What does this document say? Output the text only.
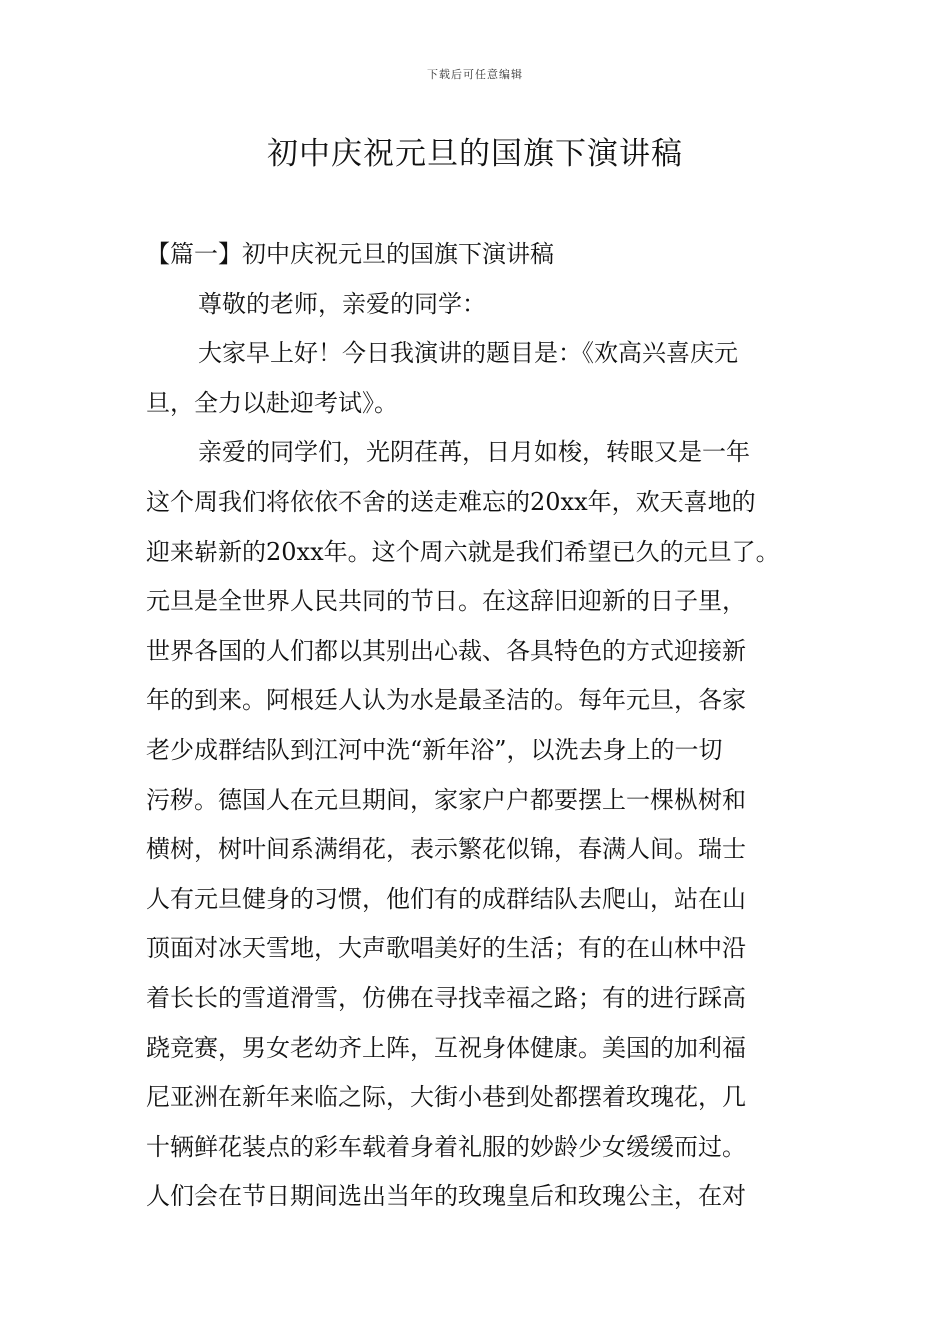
下载后可任意编辑
初中庆祝元旦的国旗下演讲稿

【篇一】初中庆祝元旦的国旗下演讲稿

尊敬的老师，亲爱的同学：

大家早上好！今日我演讲的题目是：《欢高兴喜庆元
旦，全力以赴迎考试》。

亲爱的同学们，光阴荏苒，日月如梭，转眼又是一年
这个周我们将依依不舍的送走难忘的20xx年，欢天喜地的
迎来崭新的20xx年。这个周六就是我们希望已久的元旦了。
元旦是全世界人民共同的节日。在这辞旧迎新的日子里，
世界各国的人们都以其别出心裁、各具特色的方式迎接新
年的到来。阿根廷人认为水是最圣洁的。每年元旦，各家
老少成群结队到江河中洗“新年浴”，以洗去身上的一切
污秽。德国人在元旦期间，家家户户都要摆上一棵枞树和
横树，树叶间系满绢花，表示繁花似锦，春满人间。瑞士
人有元旦健身的习惯，他们有的成群结队去爬山，站在山
顶面对冰天雪地，大声歌唱美好的生活；有的在山林中沿
着长长的雪道滑雪，仿佛在寻找幸福之路；有的进行踩高
跷竞赛，男女老幼齐上阵，互祝身体健康。美国的加利福
尼亚洲在新年来临之际，大街小巷到处都摆着玫瑰花，几
十辆鲜花装点的彩车载着身着礼服的妙龄少女缓缓而过。
人们会在节日期间选出当年的玫瑰皇后和玫瑰公主，在对
